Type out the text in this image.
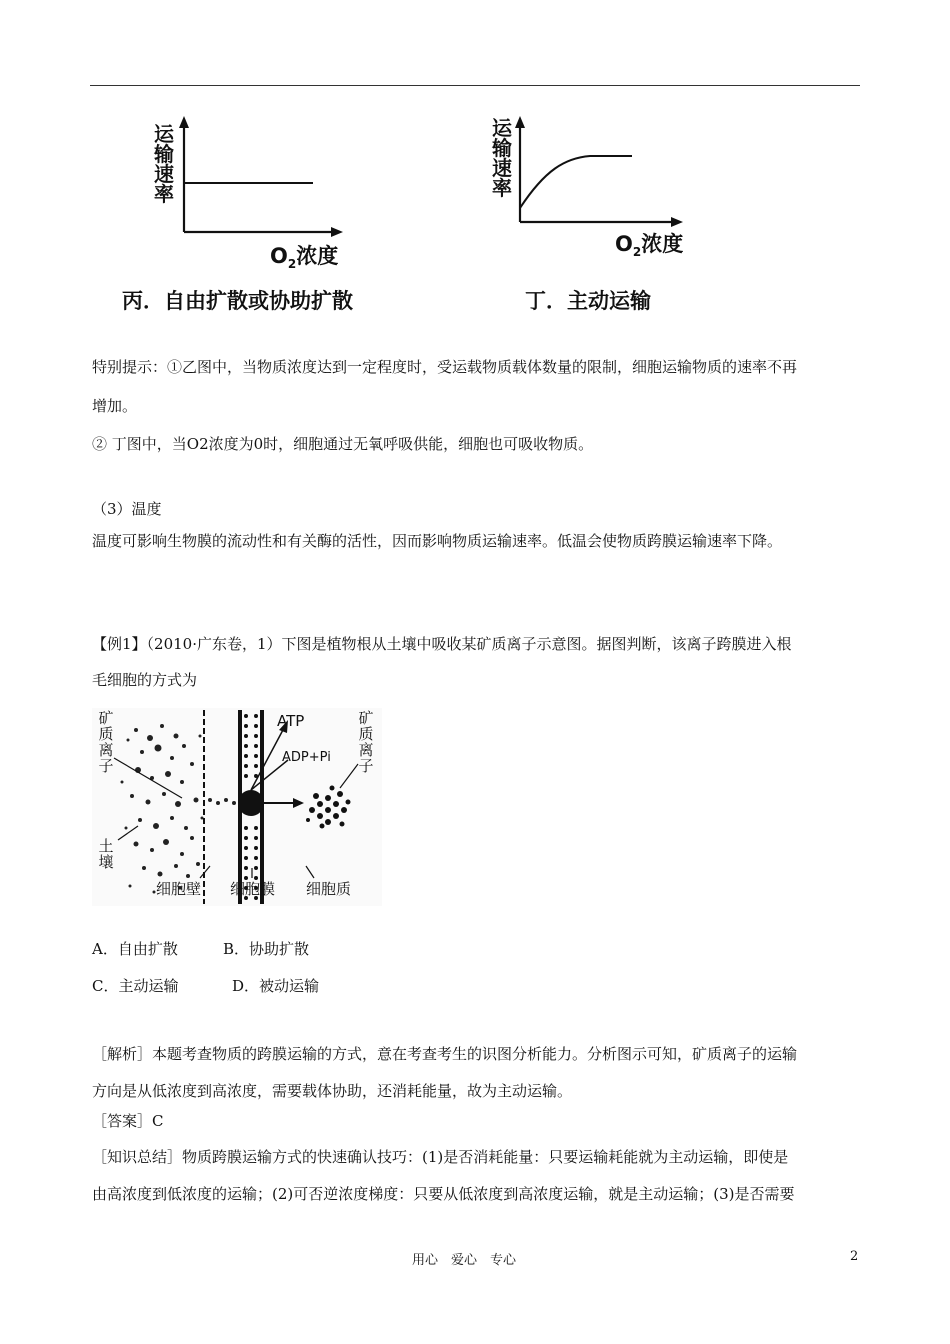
运
输
速
率
$O_2$浓度
丙．自由扩散或协助扩散
运
输
速
率
$O_2$浓度
丁．主动运输
特别提示：①乙图中，当物质浓度达到一定程度时，受运载物质载体数量的限制，细胞运输物质的速率不再
增加。
② 丁图中，当O2浓度为0时，细胞通过无氧呼吸供能，细胞也可吸收物质。
（3）温度
温度可影响生物膜的流动性和有关酶的活性，因而影响物质运输速率。低温会使物质跨膜运输速率下降。
【例1】（2010·广东卷，1）下图是植物根从土壤中吸收某矿质离子示意图。据图判断，该离子跨膜进入根
毛细胞的方式为
矿
质
离
子
土
壤
矿
质
离
子
ATP
ADP+Pi
细胞壁 细胞膜 细胞质
A．自由扩散	B．协助扩散
C．主动运输	D．被动运输
［解析］本题考查物质的跨膜运输的方式，意在考查考生的识图分析能力。分析图示可知，矿质离子的运输
方向是从低浓度到高浓度，需要载体协助，还消耗能量，故为主动运输。
［答案］C
［知识总结］物质跨膜运输方式的快速确认技巧：(1)是否消耗能量：只要运输耗能就为主动运输，即使是
由高浓度到低浓度的运输；(2)可否逆浓度梯度：只要从低浓度到高浓度运输，就是主动运输；(3)是否需要
用心　爱心　专心	2
